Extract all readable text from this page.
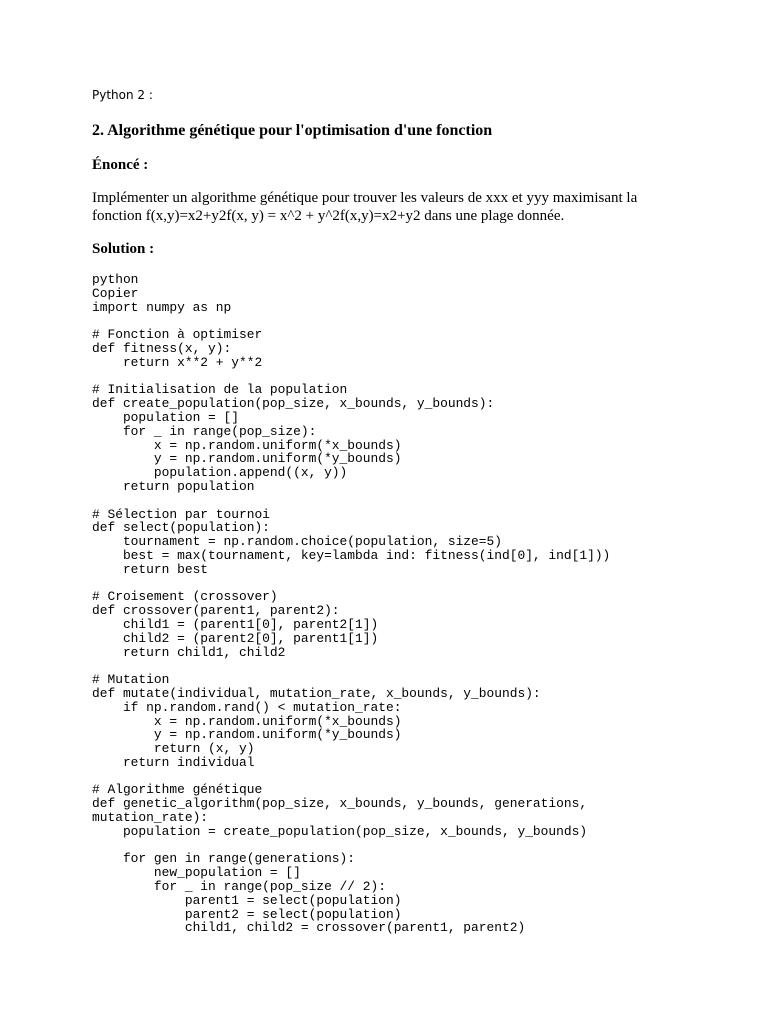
Python 2 :
2. Algorithme génétique pour l'optimisation d'une fonction
Énoncé :
Implémenter un algorithme génétique pour trouver les valeurs de xxx et yyy maximisant la
fonction f(x,y)=x2+y2f(x, y) = x^2 + y^2f(x,y)=x2+y2 dans une plage donnée.
Solution :
python
Copier
import numpy as np
# Fonction à optimiser
def fitness(x, y):
return x**2 + y**2
# Initialisation de la population
def create_population(pop_size, x_bounds, y_bounds):
population = []
for _ in range(pop_size):
x = np.random.uniform(*x_bounds)
y = np.random.uniform(*y_bounds)
population.append((x, y))
return population
# Sélection par tournoi
def select(population):
tournament = np.random.choice(population, size=5)
best = max(tournament, key=lambda ind: fitness(ind[0], ind[1]))
return best
# Croisement (crossover)
def crossover(parent1, parent2):
child1 = (parent1[0], parent2[1])
child2 = (parent2[0], parent1[1])
return child1, child2
# Mutation
def mutate(individual, mutation_rate, x_bounds, y_bounds):
if np.random.rand() < mutation_rate:
x = np.random.uniform(*x_bounds)
y = np.random.uniform(*y_bounds)
return (x, y)
return individual
# Algorithme génétique
def genetic_algorithm(pop_size, x_bounds, y_bounds, generations,
mutation_rate):
population = create_population(pop_size, x_bounds, y_bounds)
for gen in range(generations):
new_population = []
for _ in range(pop_size // 2):
parent1 = select(population)
parent2 = select(population)
child1, child2 = crossover(parent1, parent2)
